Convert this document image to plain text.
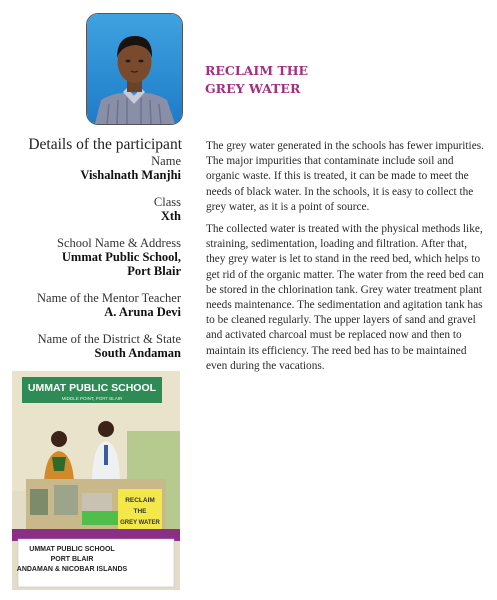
RECLAIM THE
GREY WATER
Details of the participant
Name
Vishalnath Manjhi
Class
Xth
School Name & Address
Ummat Public School,
Port Blair
Name of the Mentor Teacher
A. Aruna Devi
Name of the District & State
South Andaman

The grey water generated in the schools has fewer impurities. The major impurities that contaminate include soil and organic waste. If this is treated, it can be made to meet the needs of black water. In the schools, it is easy to collect the grey water, as it is a point of source.

The collected water is treated with the physical methods like, straining, sedimentation, loading and filtration. After that, they grey water is let to stand in the reed bed, which helps to get rid of the organic matter. The water from the reed bed can be stored in the chlorination tank. Grey water treatment plant needs maintenance. The sedimentation and agitation tank has to be cleaned regularly. The upper layers of sand and gravel and activated charcoal must be replaced now and then to maintain its efficiency. The reed bed has to be maintained even during the vacations.

UMMAT PUBLIC SCHOOL
MIDDLE POINT, PORT BLAIR
RECLAIM
THE
GREY WATER
UMMAT PUBLIC SCHOOL
PORT BLAIR
ANDAMAN & NICOBAR ISLANDS
